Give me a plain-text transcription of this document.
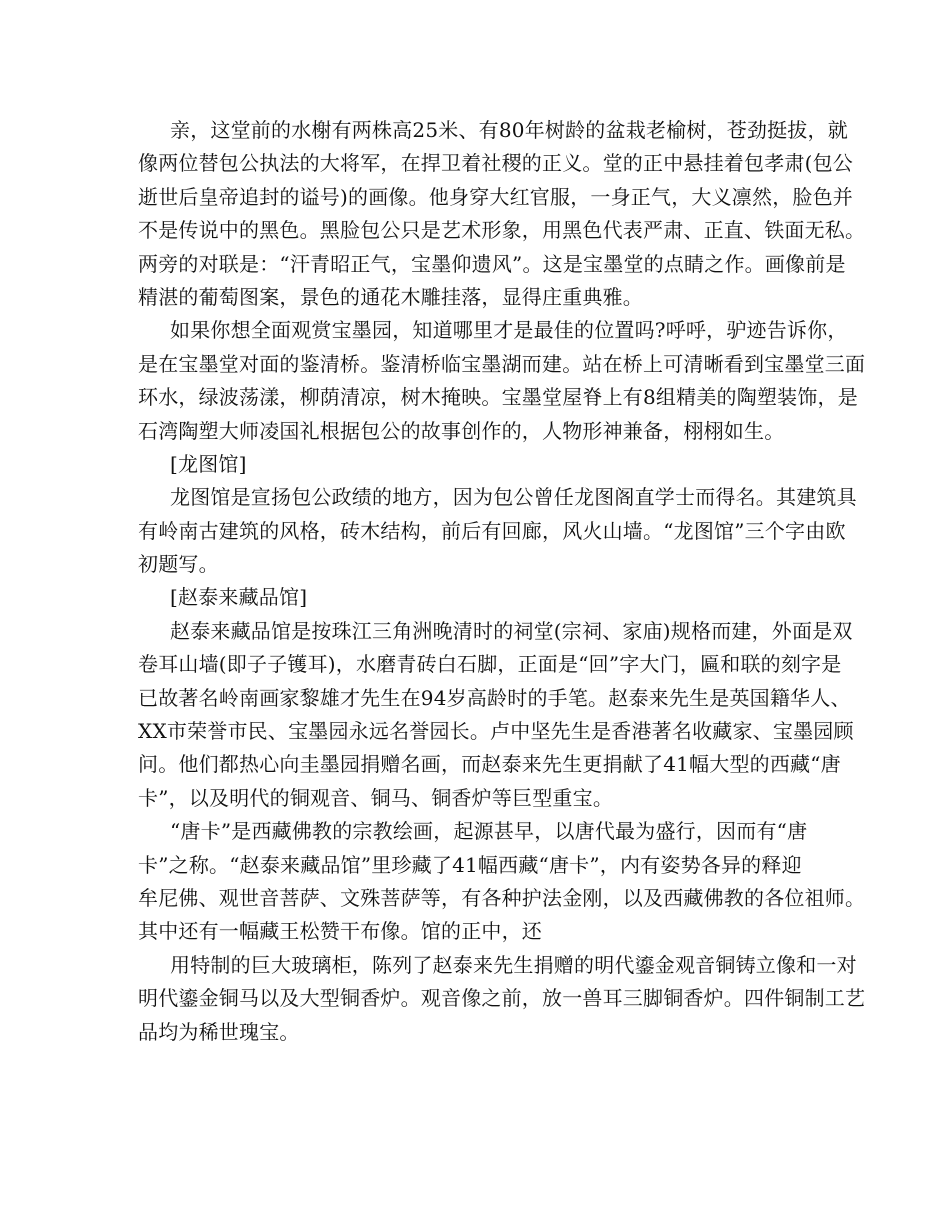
亲，这堂前的水榭有两株高25米、有80年树龄的盆栽老榆树，苍劲挺拔，就
像两位替包公执法的大将军，在捍卫着社稷的正义。堂的正中悬挂着包孝肃(包公
逝世后皇帝追封的谥号)的画像。他身穿大红官服，一身正气，大义凛然，脸色并
不是传说中的黑色。黑脸包公只是艺术形象，用黑色代表严肃、正直、铁面无私。
两旁的对联是：“汗青昭正气，宝墨仰遗风”。这是宝墨堂的点睛之作。画像前是
精湛的葡萄图案，景色的通花木雕挂落，显得庄重典雅。
如果你想全面观赏宝墨园，知道哪里才是最佳的位置吗?呼呼，驴迹告诉你，
是在宝墨堂对面的鉴清桥。鉴清桥临宝墨湖而建。站在桥上可清晰看到宝墨堂三面
环水，绿波荡漾，柳荫清凉，树木掩映。宝墨堂屋脊上有8组精美的陶塑装饰，是
石湾陶塑大师凌国礼根据包公的故事创作的，人物形神兼备，栩栩如生。
[龙图馆]
龙图馆是宣扬包公政绩的地方，因为包公曾任龙图阁直学士而得名。其建筑具
有岭南古建筑的风格，砖木结构，前后有回廊，风火山墙。“龙图馆”三个字由欧
初题写。
[赵泰来藏品馆]
赵泰来藏品馆是按珠江三角洲晚清时的祠堂(宗祠、家庙)规格而建，外面是双
卷耳山墙(即子子镬耳)，水磨青砖白石脚，正面是“回”字大门，匾和联的刻字是
已故著名岭南画家黎雄才先生在94岁高龄时的手笔。赵泰来先生是英国籍华人、
XX市荣誉市民、宝墨园永远名誉园长。卢中坚先生是香港著名收藏家、宝墨园顾
问。他们都热心向圭墨园捐赠名画，而赵泰来先生更捐献了41幅大型的西藏“唐
卡”，以及明代的铜观音、铜马、铜香炉等巨型重宝。
“唐卡”是西藏佛教的宗教绘画，起源甚早，以唐代最为盛行，因而有“唐
卡”之称。“赵泰来藏品馆”里珍藏了41幅西藏“唐卡”，内有姿势各异的释迎
牟尼佛、观世音菩萨、文殊菩萨等，有各种护法金刚，以及西藏佛教的各位祖师。
其中还有一幅藏王松赞干布像。馆的正中，还
用特制的巨大玻璃柜，陈列了赵泰来先生捐赠的明代鎏金观音铜铸立像和一对
明代鎏金铜马以及大型铜香炉。观音像之前，放一兽耳三脚铜香炉。四件铜制工艺
品均为稀世瑰宝。
